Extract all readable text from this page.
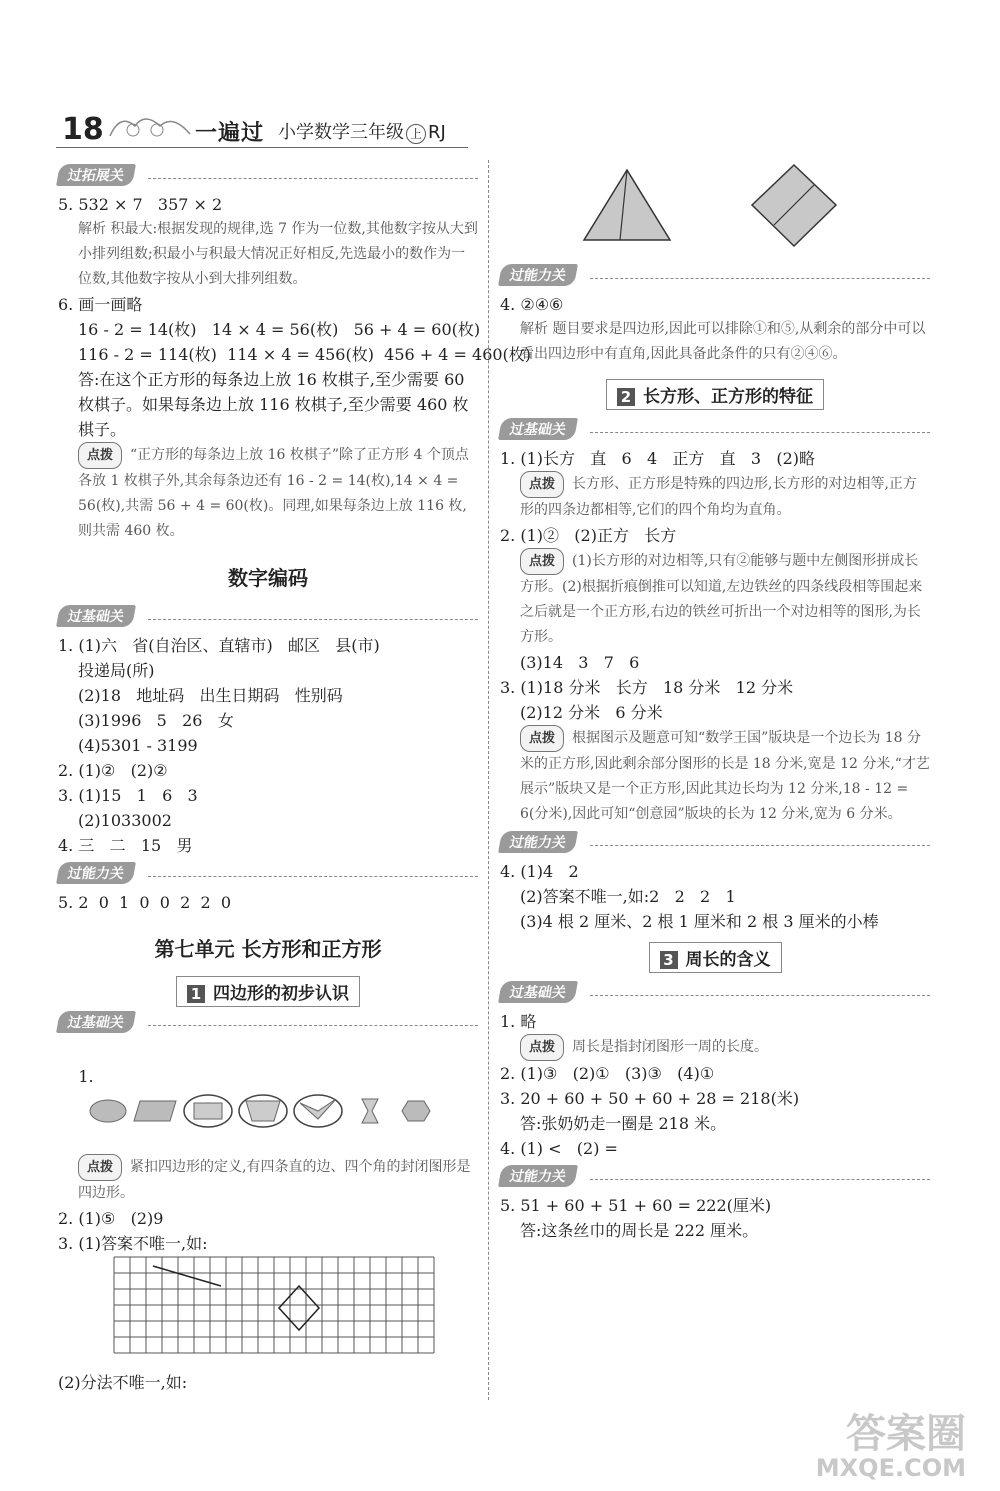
18	一遍过 小学数学三年级 上 RJ
过拓展关
5. 532 × 7   357 × 2
解析 积最大:根据发现的规律,选 7 作为一位数,其他数字按从大到小排列组数;积最小与积最大情况正好相反,先选最小的数作为一位数,其他数字按从小到大排列组数。
6. 画一画略
16 - 2 = 14(枚)   14 × 4 = 56(枚)   56 + 4 = 60(枚)
116 - 2 = 114(枚)  114 × 4 = 456(枚)  456 + 4 = 460(枚)
答:在这个正方形的每条边上放 16 枚棋子,至少需要 60 枚棋子。如果每条边上放 116 枚棋子,至少需要 460 枚棋子。
点拨 “正方形的每条边上放 16 枚棋子”除了正方形 4 个顶点各放 1 枚棋子外,其余每条边还有 16 - 2 = 14(枚),14 × 4 = 56(枚),共需 56 + 4 = 60(枚)。同理,如果每条边上放 116 枚,则共需 460 枚。
数字编码
过基础关
1. (1)六   省(自治区、直辖市)   邮区   县(市)
投递局(所)
(2)18   地址码   出生日期码   性别码
(3)1996   5   26   女
(4)5301 - 3199
2. (1)②   (2)②
3. (1)15   1   6   3
(2)1033002
4. 三   二   15   男
过能力关
5. 2  0  1  0  0  2  2  0
第七单元 长方形和正方形
1 四边形的初步认识
过基础关

1.

点拨 紧扣四边形的定义,有四条直的边、四个角的封闭图形是四边形。
2. (1)⑤   (2)9
3. (1)答案不唯一,如:
(2)分法不唯一,如:
过能力关
4. ②④⑥
解析 题目要求是四边形,因此可以排除①和⑤,从剩余的部分中可以看出四边形中有直角,因此具备此条件的只有②④⑥。
2 长方形、正方形的特征
过基础关
1. (1)长方   直   6   4   正方   直   3   (2)略
点拨 长方形、正方形是特殊的四边形,长方形的对边相等,正方形的四条边都相等,它们的四个角均为直角。
2. (1)②   (2)正方   长方
点拨 (1)长方形的对边相等,只有②能够与题中左侧图形拼成长方形。(2)根据折痕倒推可以知道,左边铁丝的四条线段相等围起来之后就是一个正方形,右边的铁丝可折出一个对边相等的图形,为长方形。
(3)14   3   7   6
3. (1)18 分米   长方   18 分米   12 分米
(2)12 分米   6 分米
点拨 根据图示及题意可知“数学王国”版块是一个边长为 18 分米的正方形,因此剩余部分图形的长是 18 分米,宽是 12 分米,“才艺展示”版块又是一个正方形,因此其边长均为 12 分米,18 - 12 = 6(分米),因此可知“创意园”版块的长为 12 分米,宽为 6 分米。
过能力关
4. (1)4   2
(2)答案不唯一,如:2   2   2   1
(3)4 根 2 厘米、2 根 1 厘米和 2 根 3 厘米的小棒
3 周长的含义
过基础关
1. 略
点拨 周长是指封闭图形一周的长度。
2. (1)③   (2)①   (3)③   (4)①
3. 20 + 60 + 50 + 60 + 28 = 218(米)
答:张奶奶走一圈是 218 米。
4. (1) <   (2) =
过能力关
5. 51 + 60 + 51 + 60 = 222(厘米)
答:这条丝巾的周长是 222 厘米。
答案圈
MXQE.COM
